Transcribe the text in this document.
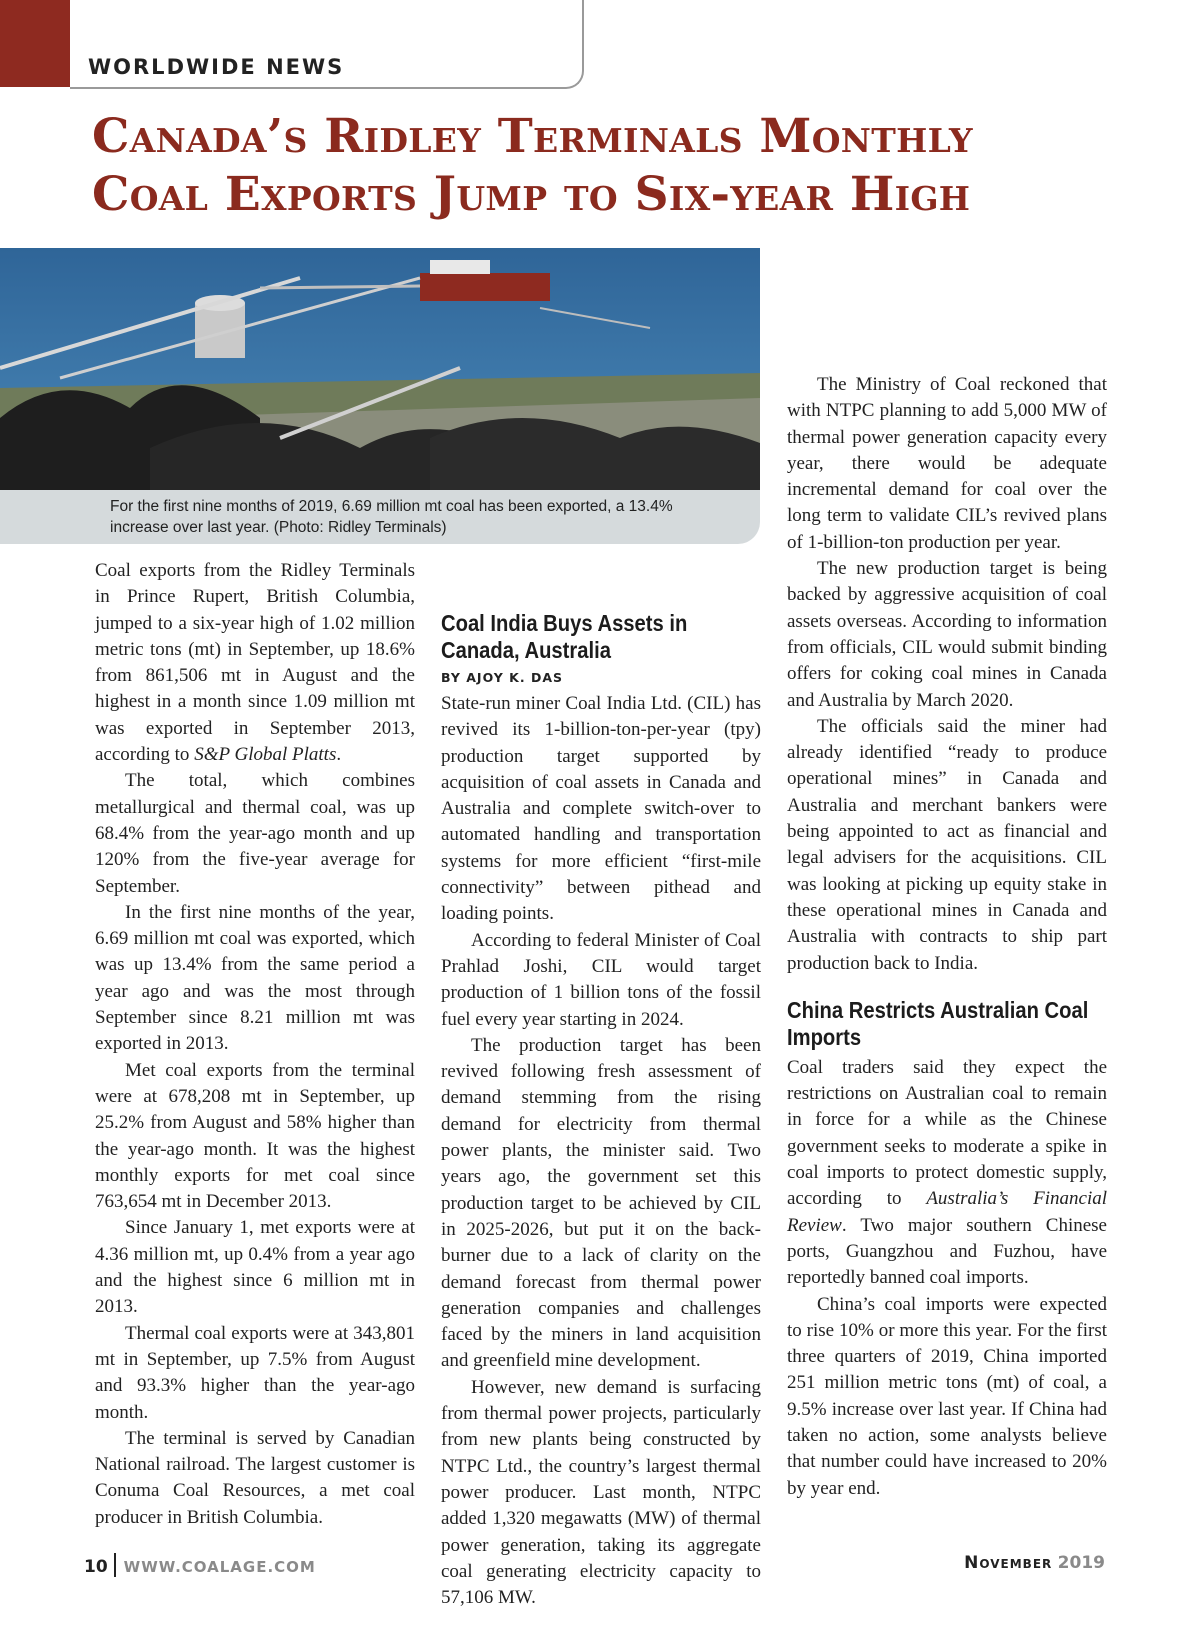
WORLDWIDE NEWS
Canada’s Ridley Terminals Monthly Coal Exports Jump to Six-year High
For the first nine months of 2019, 6.69 million mt coal has been exported, a 13.4% increase over last year. (Photo: Ridley Terminals)

Coal exports from the Ridley Terminals in Prince Rupert, British Columbia, jumped to a six-year high of 1.02 million metric tons (mt) in September, up 18.6% from 861,506 mt in August and the highest in a month since 1.09 million mt was exported in September 2013, according to S&P Global Platts.

The total, which combines metallurgical and thermal coal, was up 68.4% from the year-ago month and up 120% from the five-year average for September.

In the first nine months of the year, 6.69 million mt coal was exported, which was up 13.4% from the same period a year ago and was the most through September since 8.21 million mt was exported in 2013.

Met coal exports from the terminal were at 678,208 mt in September, up 25.2% from August and 58% higher than the year-ago month. It was the highest monthly exports for met coal since 763,654 mt in December 2013.

Since January 1, met exports were at 4.36 million mt, up 0.4% from a year ago and the highest since 6 million mt in 2013.

Thermal coal exports were at 343,801 mt in September, up 7.5% from August and 93.3% higher than the year-ago month.

The terminal is served by Canadian National railroad. The largest customer is Conuma Coal Resources, a met coal producer in British Columbia.

Coal India Buys Assets in Canada, Australia
BY AJOY K. DAS

State-run miner Coal India Ltd. (CIL) has revived its 1-billion-ton-per-year (tpy) production target supported by acquisition of coal assets in Canada and Australia and complete switch-over to automated handling and transportation systems for more efficient “first-mile connectivity” between pithead and loading points.

According to federal Minister of Coal Prahlad Joshi, CIL would target production of 1 billion tons of the fossil fuel every year starting in 2024.

The production target has been revived following fresh assessment of demand stemming from the rising demand for electricity from thermal power plants, the minister said. Two years ago, the government set this production target to be achieved by CIL in 2025-2026, but put it on the back-burner due to a lack of clarity on the demand forecast from thermal power generation companies and challenges faced by the miners in land acquisition and greenfield mine development.

However, new demand is surfacing from thermal power projects, particularly from new plants being constructed by NTPC Ltd., the country’s largest thermal power producer. Last month, NTPC added 1,320 megawatts (MW) of thermal power generation, taking its aggregate coal generating electricity capacity to 57,106 MW.

The Ministry of Coal reckoned that with NTPC planning to add 5,000 MW of thermal power generation capacity every year, there would be adequate incremental demand for coal over the long term to validate CIL’s revived plans of 1-billion-ton production per year.

The new production target is being backed by aggressive acquisition of coal assets overseas. According to information from officials, CIL would submit binding offers for coking coal mines in Canada and Australia by March 2020.

The officials said the miner had already identified “ready to produce operational mines” in Canada and Australia and merchant bankers were being appointed to act as financial and legal advisers for the acquisitions. CIL was looking at picking up equity stake in these operational mines in Canada and Australia with contracts to ship part production back to India.

China Restricts Australian Coal Imports

Coal traders said they expect the restrictions on Australian coal to remain in force for a while as the Chinese government seeks to moderate a spike in coal imports to protect domestic supply, according to Australia’s Financial Review. Two major southern Chinese ports, Guangzhou and Fuzhou, have reportedly banned coal imports.

China’s coal imports were expected to rise 10% or more this year. For the first three quarters of 2019, China imported 251 million metric tons (mt) of coal, a 9.5% increase over last year. If China had taken no action, some analysts believe that number could have increased to 20% by year end.

10 WWW.COALAGE.COM	November 2019
